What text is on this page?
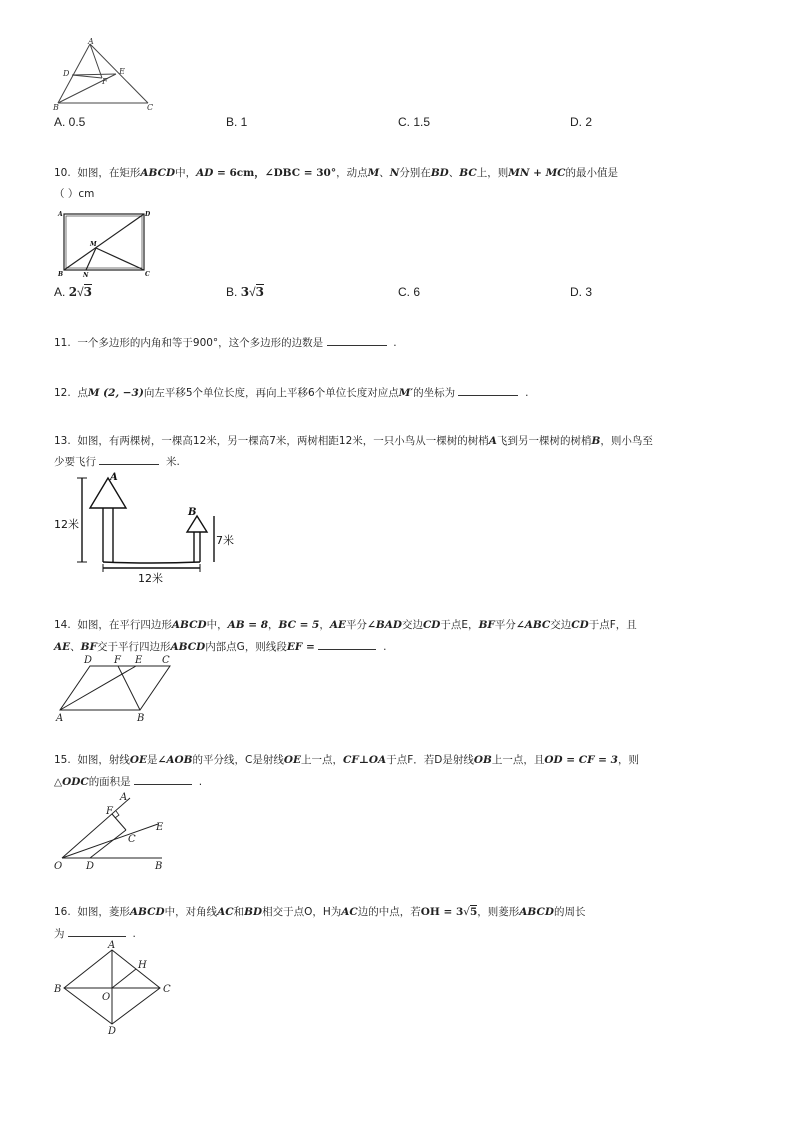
A
D	E
F
B	C
A. 0.5	B. 1	C. 1.5	D. 2
10. 如图，在矩形ABCD中，AD = 6cm，∠DBC = 30°，动点M、N分别在BD、BC上，则MN + MC的最小值是
（ ）cm
A	D
M
B	N	C
A. 2√3	B. 3√3	C. 6	D. 3
11. 一个多边形的内角和等于900°，这个多边形的边数是	.
12. 点M (2, −3)向左平移5个单位长度，再向上平移6个单位长度对应点M′的坐标为	.
13. 如图，有两棵树，一棵高12米，另一棵高7米，两树相距12米，一只小鸟从一棵树的树梢A飞到另一棵树的树梢B，则小鸟至
少要飞行	米.
A
B
12米
7米
12米
14. 如图，在平行四边形ABCD中，AB = 8，BC = 5，AE平分∠BAD交边CD于点E，BF平分∠ABC交边CD于点F，且
AE、BF交于平行四边形ABCD内部点G，则线段EF =	.
D F E C
A	B
15. 如图，射线OE是∠AOB的平分线，C是射线OE上一点，CF⊥OA于点F．若D是射线OB上一点，且OD = CF = 3，则
△ODC的面积是	.
A
F
E
C
O D	B
16. 如图，菱形ABCD中，对角线AC和BD相交于点O，H为AC边的中点，若OH = 3√5，则菱形ABCD的周长
为	.
A
H
B
O
C
D
